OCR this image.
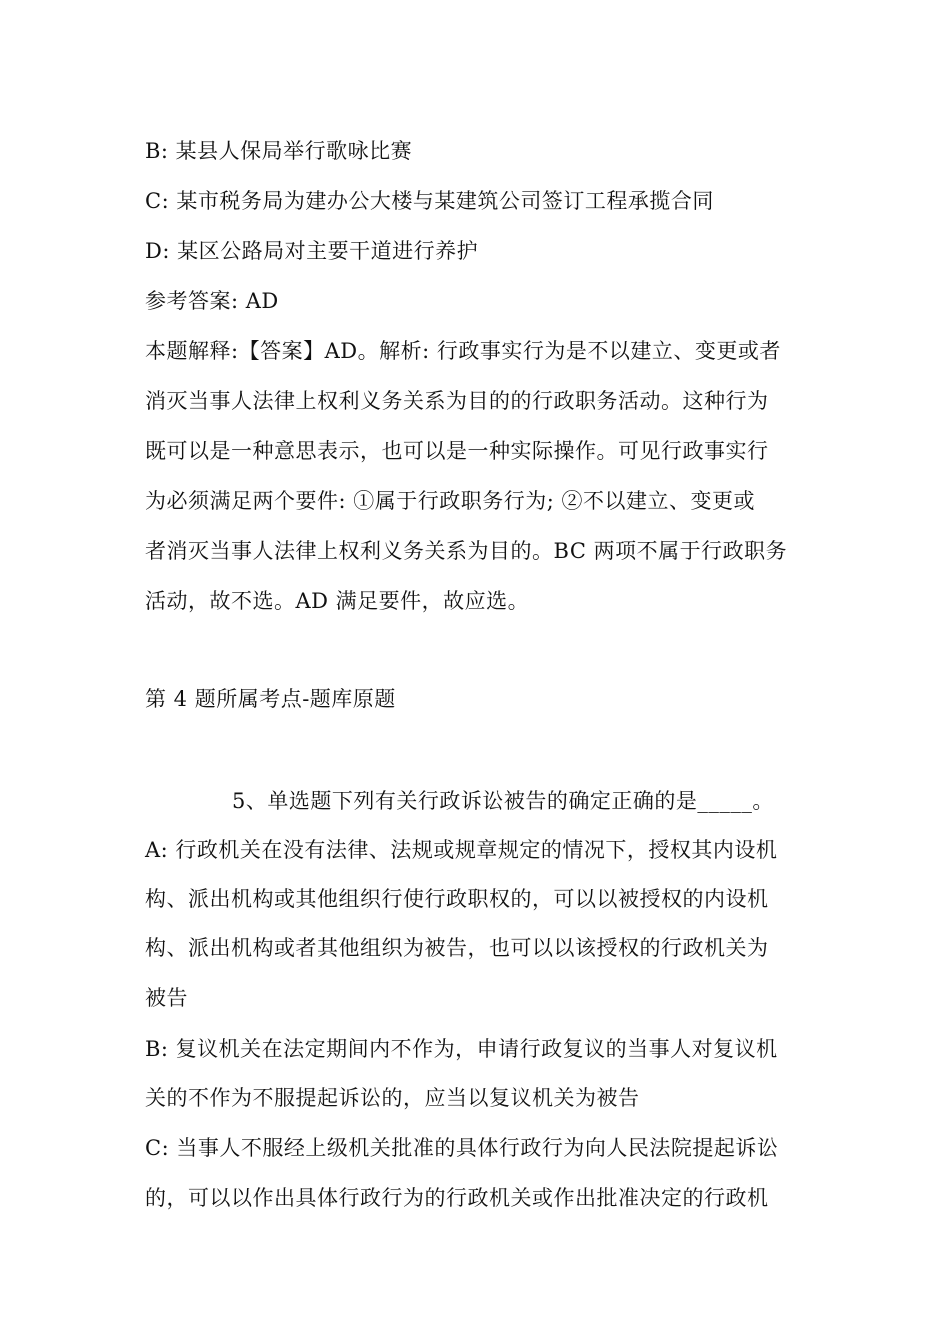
B: 某县人保局举行歌咏比赛
C: 某市税务局为建办公大楼与某建筑公司签订工程承揽合同
D: 某区公路局对主要干道进行养护
参考答案: AD
本题解释:【答案】AD。解析: 行政事实行为是不以建立、变更或者
消灭当事人法律上权利义务关系为目的的行政职务活动。这种行为
既可以是一种意思表示，也可以是一种实际操作。可见行政事实行
为必须满足两个要件: ①属于行政职务行为; ②不以建立、变更或
者消灭当事人法律上权利义务关系为目的。BC 两项不属于行政职务
活动，故不选。AD 满足要件，故应选。
第 4 题所属考点-题库原题
5、单选题下列有关行政诉讼被告的确定正确的是_____。
A: 行政机关在没有法律、法规或规章规定的情况下，授权其内设机
构、派出机构或其他组织行使行政职权的，可以以被授权的内设机
构、派出机构或者其他组织为被告，也可以以该授权的行政机关为
被告
B: 复议机关在法定期间内不作为，申请行政复议的当事人对复议机
关的不作为不服提起诉讼的，应当以复议机关为被告
C: 当事人不服经上级机关批准的具体行政行为向人民法院提起诉讼
的，可以以作出具体行政行为的行政机关或作出批准决定的行政机
